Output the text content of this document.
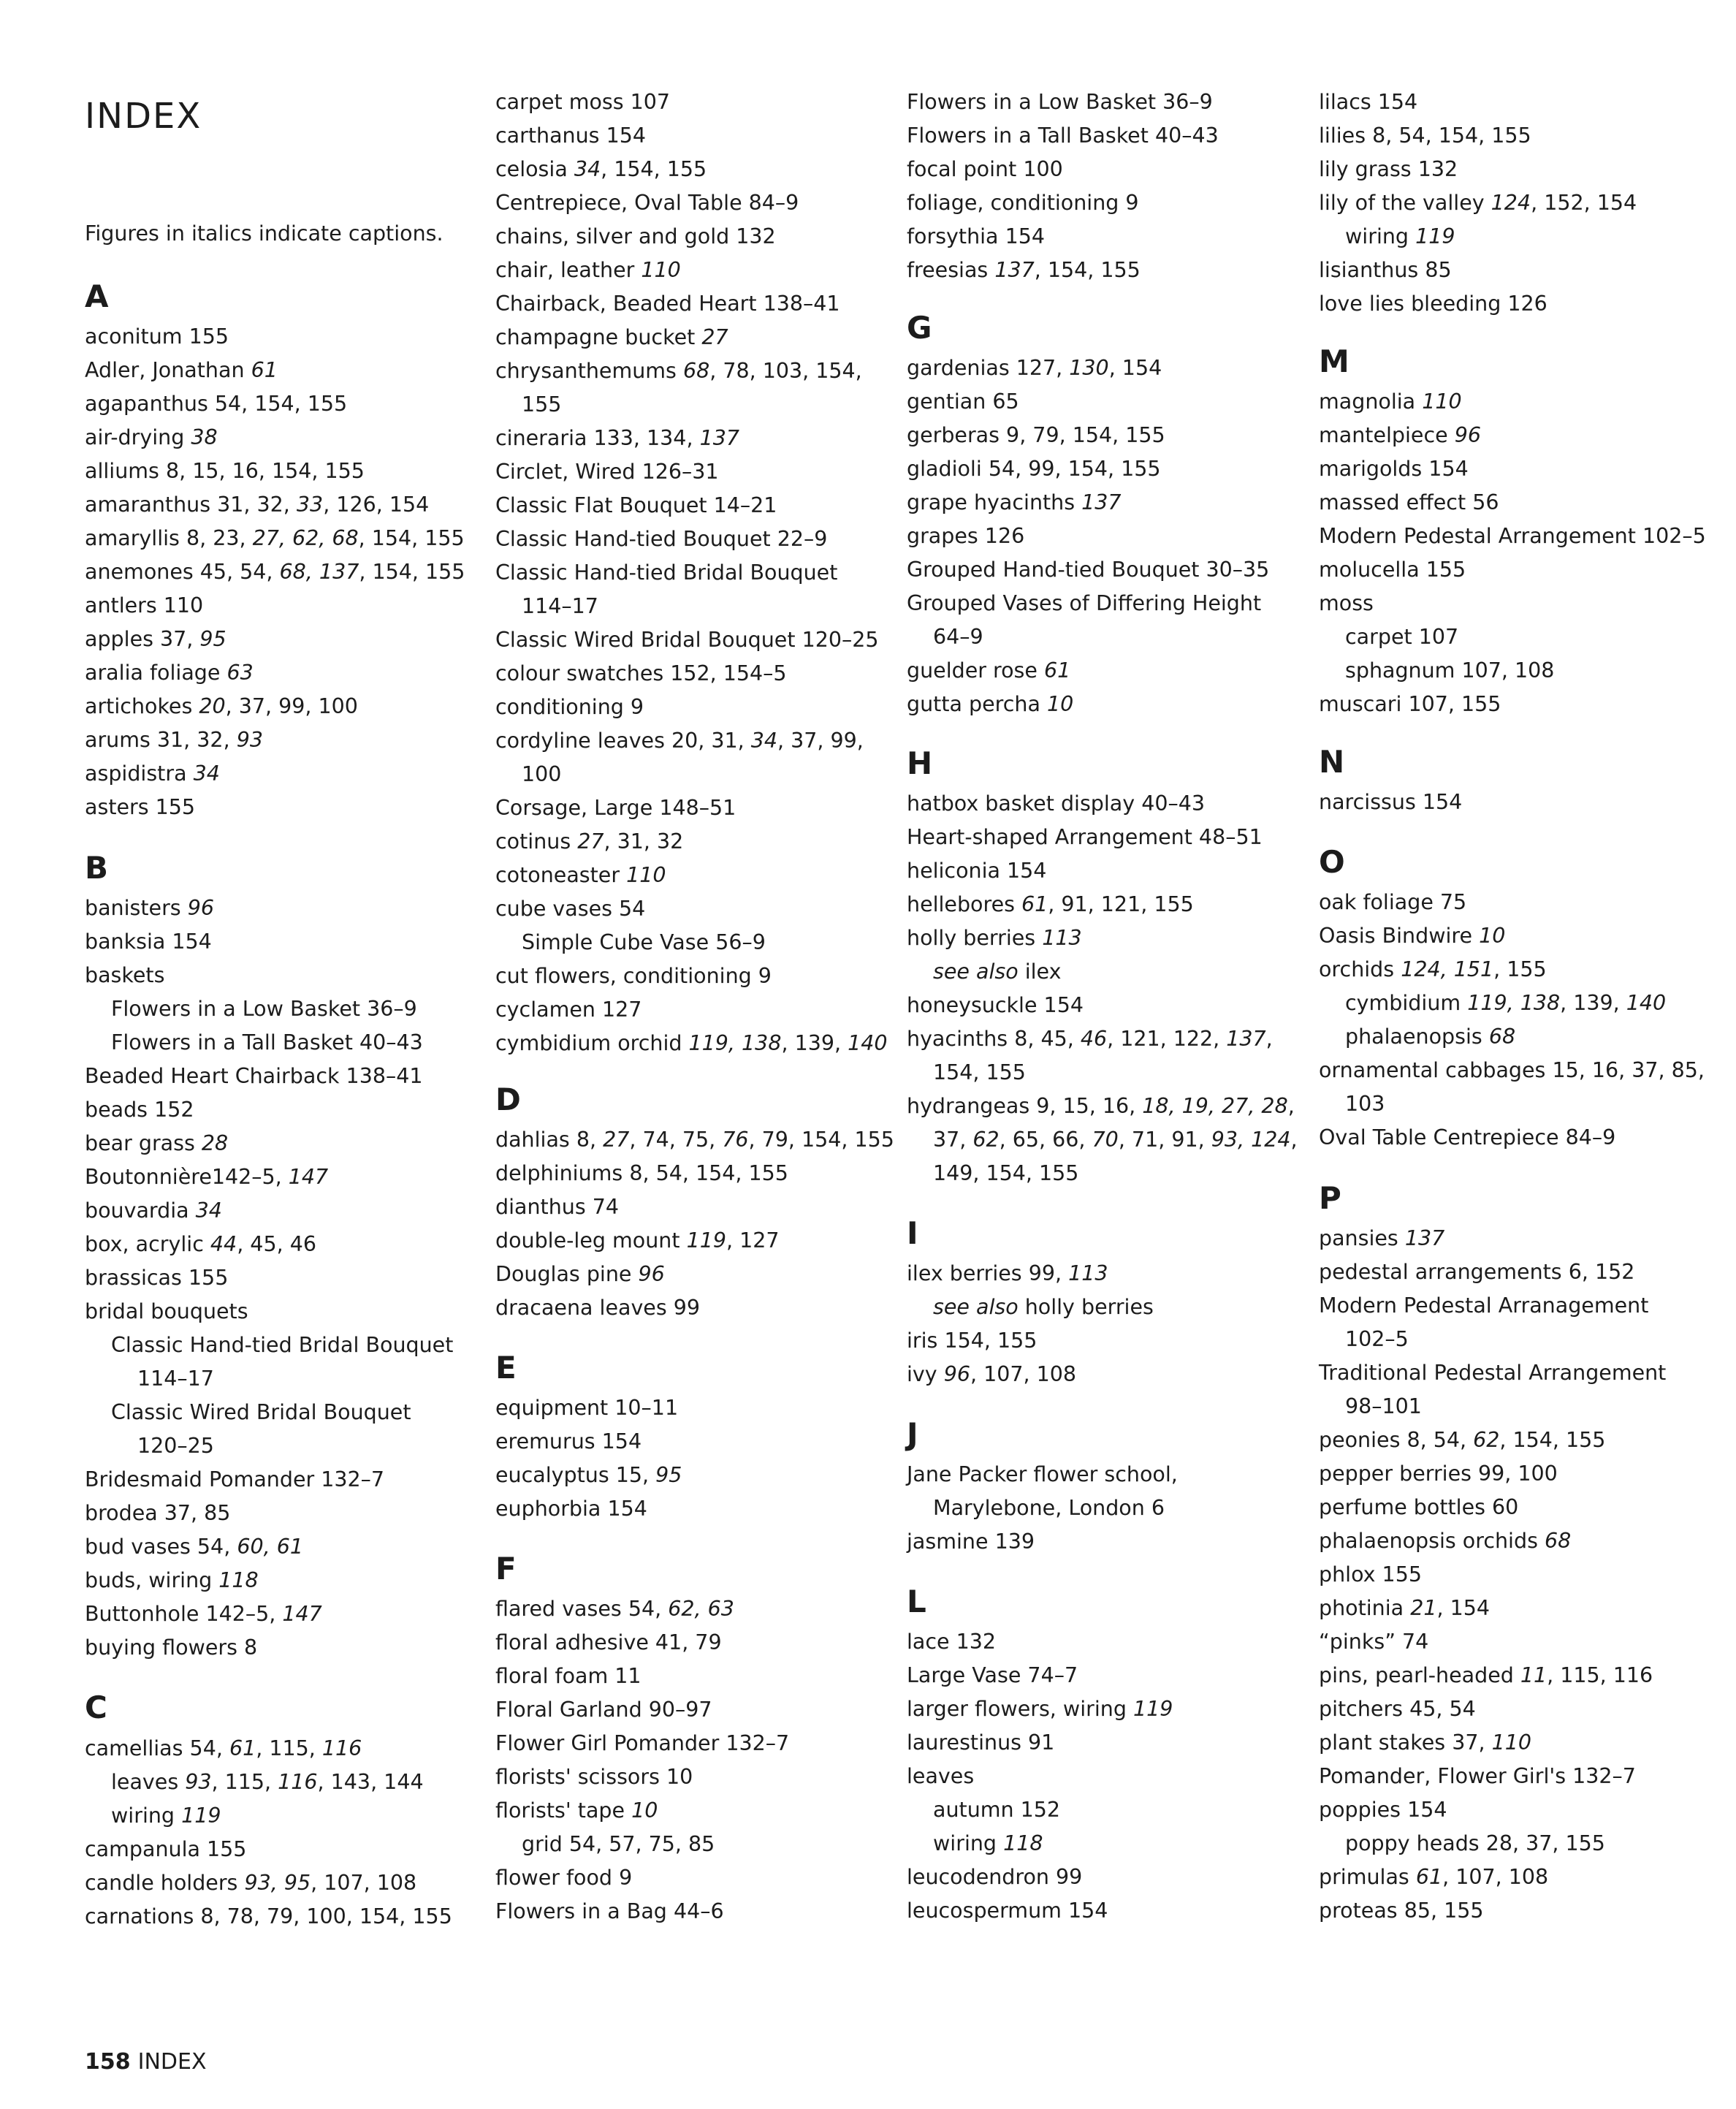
INDEX
Figures in italics indicate captions.
A
aconitum 155
Adler, Jonathan 61
agapanthus 54, 154, 155
air-drying 38
alliums 8, 15, 16, 154, 155
amaranthus 31, 32, 33, 126, 154
amaryllis 8, 23, 27, 62, 68, 154, 155
anemones 45, 54, 68, 137, 154, 155
antlers 110
apples 37, 95
aralia foliage 63
artichokes 20, 37, 99, 100
arums 31, 32, 93
aspidistra 34
asters 155
B
banisters 96
banksia 154
baskets
Flowers in a Low Basket 36–9
Flowers in a Tall Basket 40–43
Beaded Heart Chairback 138–41
beads 152
bear grass 28
Boutonnière142–5, 147
bouvardia 34
box, acrylic 44, 45, 46
brassicas 155
bridal bouquets
Classic Hand-tied Bridal Bouquet
114–17
Classic Wired Bridal Bouquet
120–25
Bridesmaid Pomander 132–7
brodea 37, 85
bud vases 54, 60, 61
buds, wiring 118
Buttonhole 142–5, 147
buying flowers 8
C
camellias 54, 61, 115, 116
leaves 93, 115, 116, 143, 144
wiring 119
campanula 155
candle holders 93, 95, 107, 108
carnations 8, 78, 79, 100, 154, 155
carpet moss 107
carthanus 154
celosia 34, 154, 155
Centrepiece, Oval Table 84–9
chains, silver and gold 132
chair, leather 110
Chairback, Beaded Heart 138–41
champagne bucket 27
chrysanthemums 68, 78, 103, 154,
155
cineraria 133, 134, 137
Circlet, Wired 126–31
Classic Flat Bouquet 14–21
Classic Hand-tied Bouquet 22–9
Classic Hand-tied Bridal Bouquet
114–17
Classic Wired Bridal Bouquet 120–25
colour swatches 152, 154–5
conditioning 9
cordyline leaves 20, 31, 34, 37, 99,
100
Corsage, Large 148–51
cotinus 27, 31, 32
cotoneaster 110
cube vases 54
Simple Cube Vase 56–9
cut flowers, conditioning 9
cyclamen 127
cymbidium orchid 119, 138, 139, 140
D
dahlias 8, 27, 74, 75, 76, 79, 154, 155
delphiniums 8, 54, 154, 155
dianthus 74
double-leg mount 119, 127
Douglas pine 96
dracaena leaves 99
E
equipment 10–11
eremurus 154
eucalyptus 15, 95
euphorbia 154
F
flared vases 54, 62, 63
floral adhesive 41, 79
floral foam 11
Floral Garland 90–97
Flower Girl Pomander 132–7
florists' scissors 10
florists' tape 10
grid 54, 57, 75, 85
flower food 9
Flowers in a Bag 44–6
Flowers in a Low Basket 36–9
Flowers in a Tall Basket 40–43
focal point 100
foliage, conditioning 9
forsythia 154
freesias 137, 154, 155
G
gardenias 127, 130, 154
gentian 65
gerberas 9, 79, 154, 155
gladioli 54, 99, 154, 155
grape hyacinths 137
grapes 126
Grouped Hand-tied Bouquet 30–35
Grouped Vases of Differing Height
64–9
guelder rose 61
gutta percha 10
H
hatbox basket display 40–43
Heart-shaped Arrangement 48–51
heliconia 154
hellebores 61, 91, 121, 155
holly berries 113
see also ilex
honeysuckle 154
hyacinths 8, 45, 46, 121, 122, 137,
154, 155
hydrangeas 9, 15, 16, 18, 19, 27, 28,
37, 62, 65, 66, 70, 71, 91, 93, 124,
149, 154, 155
I
ilex berries 99, 113
see also holly berries
iris 154, 155
ivy 96, 107, 108
J
Jane Packer flower school,
Marylebone, London 6
jasmine 139
L
lace 132
Large Vase 74–7
larger flowers, wiring 119
laurestinus 91
leaves
autumn 152
wiring 118
leucodendron 99
leucospermum 154
lilacs 154
lilies 8, 54, 154, 155
lily grass 132
lily of the valley 124, 152, 154
wiring 119
lisianthus 85
love lies bleeding 126
M
magnolia 110
mantelpiece 96
marigolds 154
massed effect 56
Modern Pedestal Arrangement 102–5
molucella 155
moss
carpet 107
sphagnum 107, 108
muscari 107, 155
N
narcissus 154
O
oak foliage 75
Oasis Bindwire 10
orchids 124, 151, 155
cymbidium 119, 138, 139, 140
phalaenopsis 68
ornamental cabbages 15, 16, 37, 85,
103
Oval Table Centrepiece 84–9
P
pansies 137
pedestal arrangements 6, 152
Modern Pedestal Arranagement
102–5
Traditional Pedestal Arrangement
98–101
peonies 8, 54, 62, 154, 155
pepper berries 99, 100
perfume bottles 60
phalaenopsis orchids 68
phlox 155
photinia 21, 154
“pinks” 74
pins, pearl-headed 11, 115, 116
pitchers 45, 54
plant stakes 37, 110
Pomander, Flower Girl's 132–7
poppies 154
poppy heads 28, 37, 155
primulas 61, 107, 108
proteas 85, 155
158 INDEX
